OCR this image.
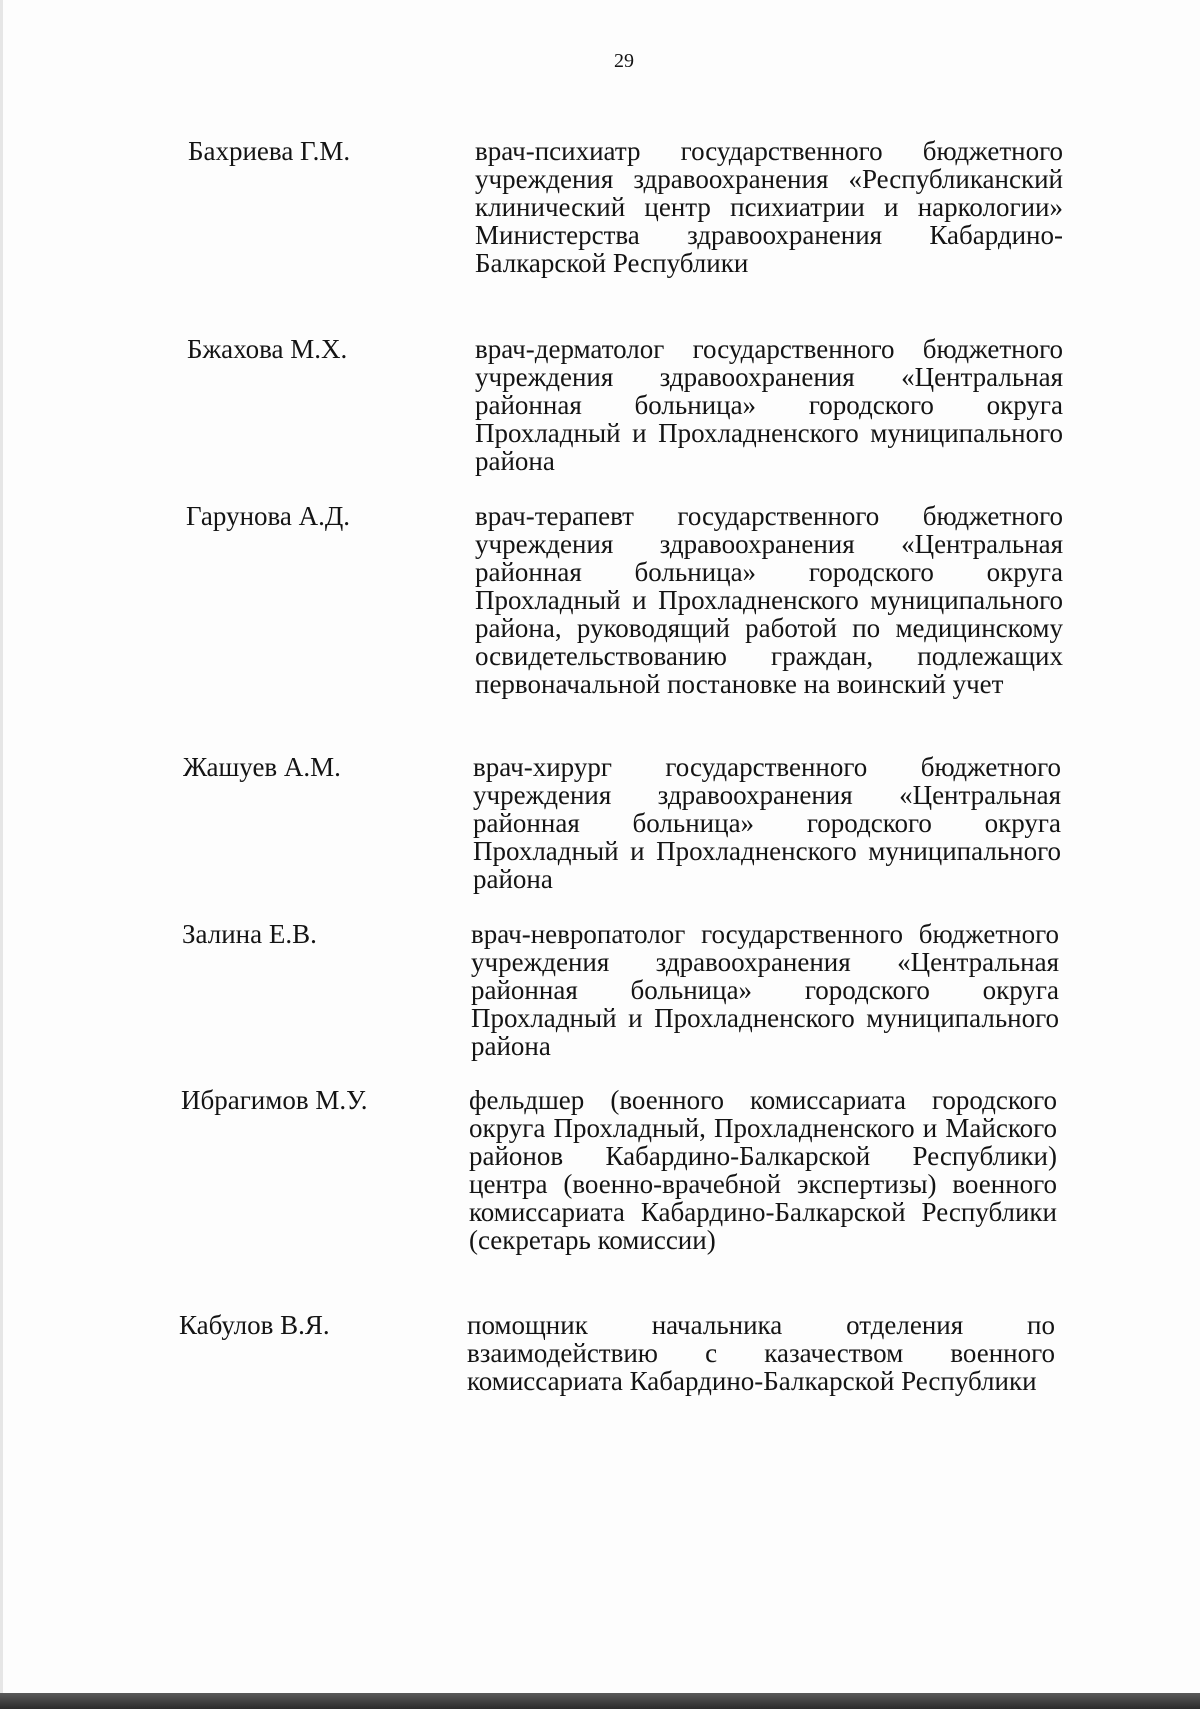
29
Бахриева Г.М.	врач-психиатр государственного бюджетного учреждения здравоохранения «Республиканский клинический центр психиатрии и наркологии» Министерства здравоохранения Кабардино-Балкарской Республики
Бжахова М.Х.	врач-дерматолог государственного бюджетного учреждения здравоохранения «Центральная районная больница» городского округа Прохладный и Прохладненского муниципального района
Гарунова А.Д.	врач-терапевт государственного бюджетного учреждения здравоохранения «Центральная районная больница» городского округа Прохладный и Прохладненского муниципального района, руководящий работой по медицинскому освидетельствованию граждан, подлежащих первоначальной постановке на воинский учет
Жашуев А.М.	врач-хирург государственного бюджетного учреждения здравоохранения «Центральная районная больница» городского округа Прохладный и Прохладненского муниципального района
Залина Е.В.	врач-невропатолог государственного бюджетного учреждения здравоохранения «Центральная районная больница» городского округа Прохладный и Прохладненского муниципального района
Ибрагимов М.У.	фельдшер (военного комиссариата городского округа Прохладный, Прохладненского и Майского районов Кабардино-Балкарской Республики) центра (военно-врачебной экспертизы) военного комиссариата Кабардино-Балкарской Республики (секретарь комиссии)
Кабулов В.Я.	помощник начальника отделения по взаимодействию с казачеством военного комиссариата Кабардино-Балкарской Республики
